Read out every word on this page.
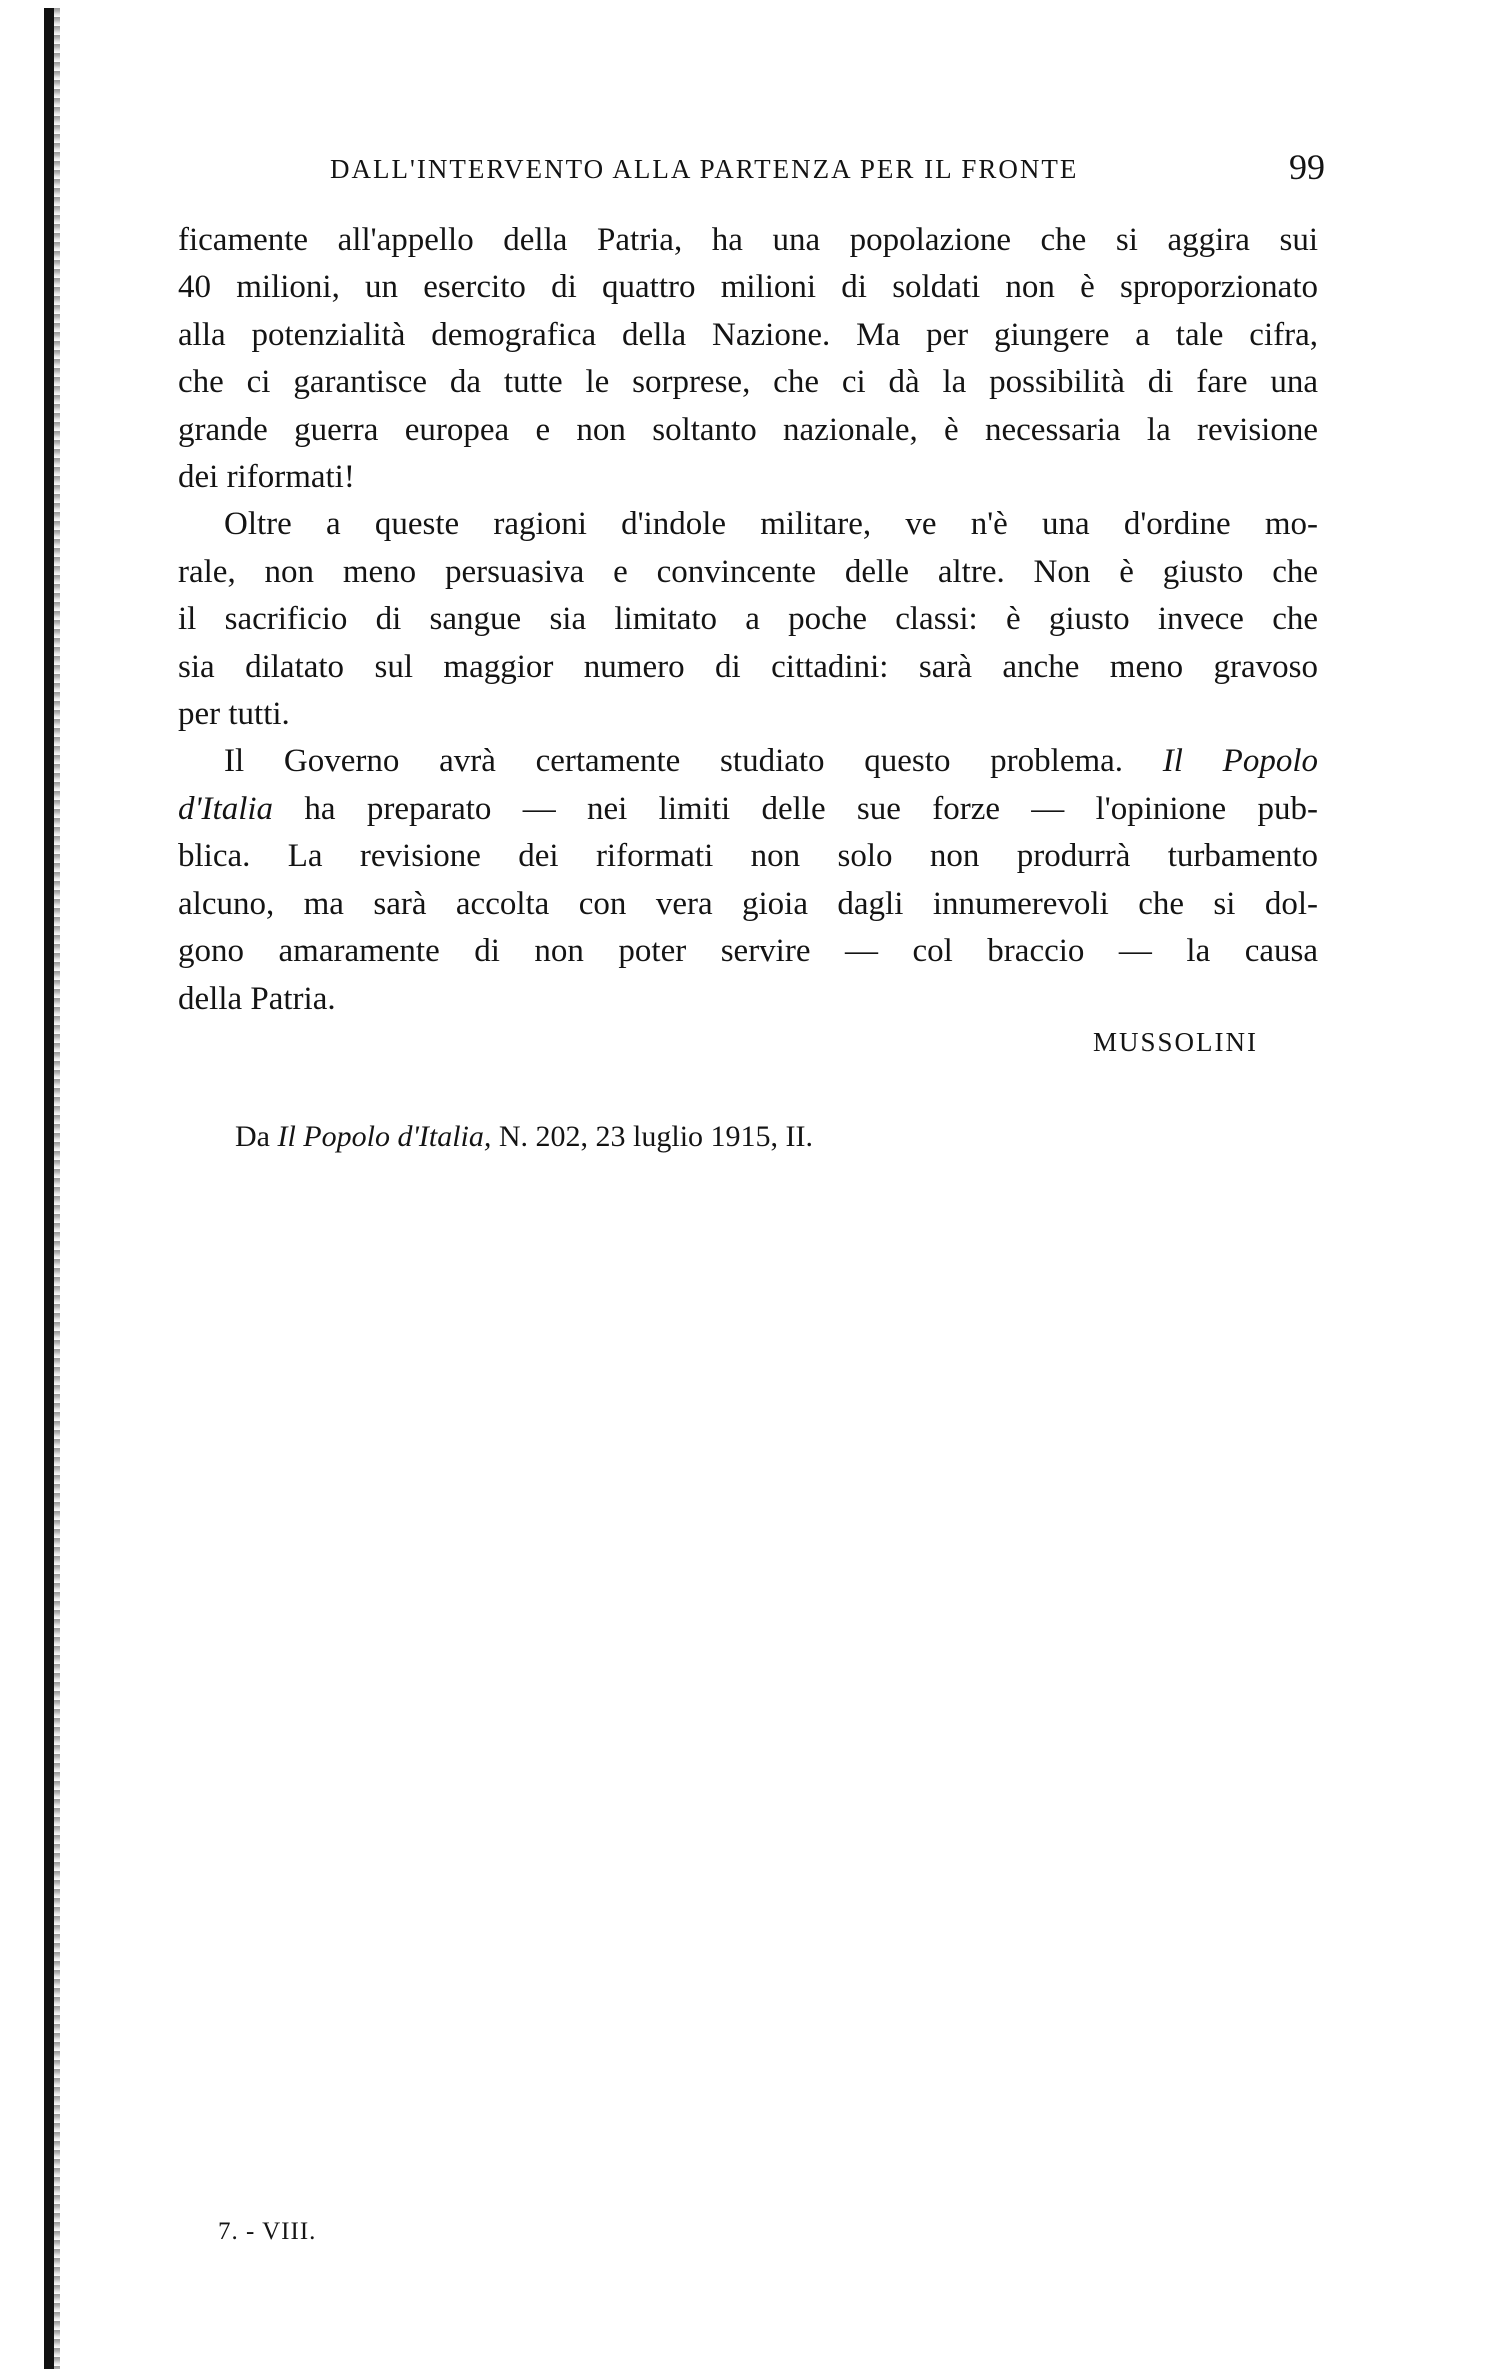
DALL'INTERVENTO ALLA PARTENZA PER IL FRONTE	99
ficamente all'appello della Patria, ha una popolazione che si aggira sui
40 milioni, un esercito di quattro milioni di soldati non è sproporzionato
alla potenzialità demografica della Nazione. Ma per giungere a tale cifra,
che ci garantisce da tutte le sorprese, che ci dà la possibilità di fare una
grande guerra europea e non soltanto nazionale, è necessaria la revisione
dei riformati!
Oltre a queste ragioni d'indole militare, ve n'è una d'ordine mo-
rale, non meno persuasiva e convincente delle altre. Non è giusto che
il sacrificio di sangue sia limitato a poche classi: è giusto invece che
sia dilatato sul maggior numero di cittadini: sarà anche meno gravoso
per tutti.
Il Governo avrà certamente studiato questo problema. Il Popolo
d'Italia ha preparato — nei limiti delle sue forze — l'opinione pub-
blica. La revisione dei riformati non solo non produrrà turbamento
alcuno, ma sarà accolta con vera gioia dagli innumerevoli che si dol-
gono amaramente di non poter servire — col braccio — la causa
della Patria.
MUSSOLINI
Da Il Popolo d'Italia, N. 202, 23 luglio 1915, II.
7. - VIII.
